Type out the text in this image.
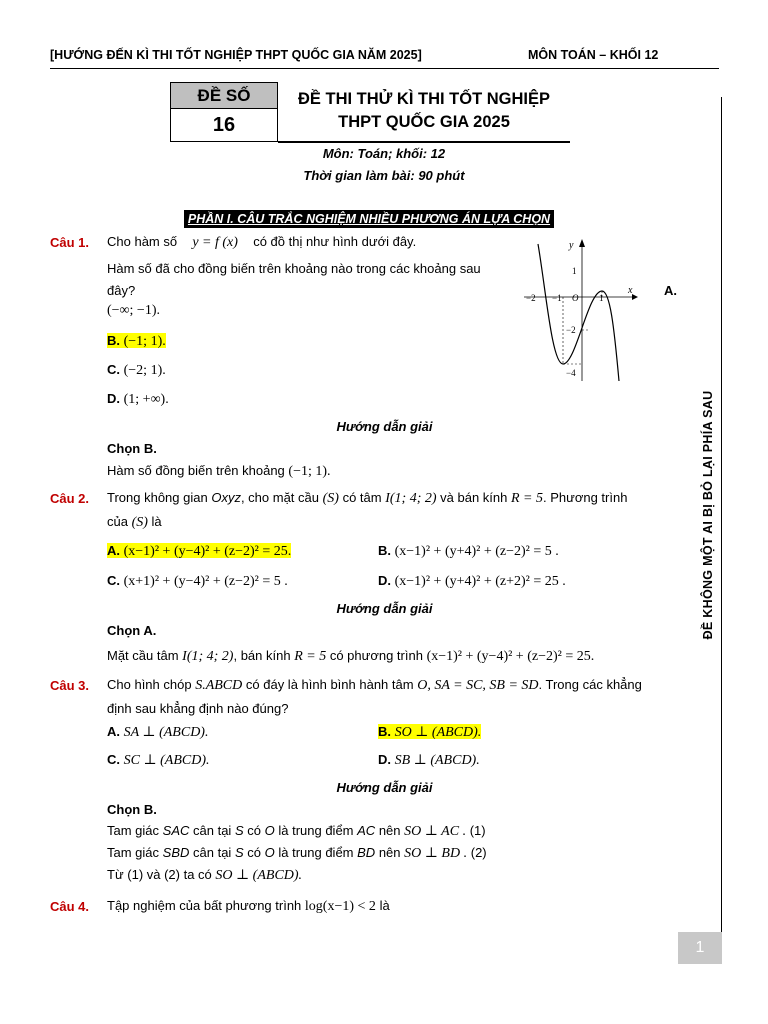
[HƯỚNG ĐẾN KÌ THI TỐT NGHIỆP THPT QUỐC GIA NĂM 2025]	MÔN TOÁN – KHỐI 12
ĐỀ KHÔNG MỘT AI BỊ BỎ LẠI PHÍA SAU
ĐỀ SỐ
16
ĐỀ THI THỬ KÌ THI TỐT NGHIỆP
THPT QUỐC GIA 2025
Môn: Toán; khối: 12
Thời gian làm bài: 90 phút
PHẦN I. CÂU TRẮC NGHIỆM NHIỀU PHƯƠNG ÁN LỰA CHỌN
Câu 1. Cho hàm số y = f (x) có đồ thị như hình dưới đây.
Hàm số đã cho đồng biến trên khoảng nào trong các khoảng sau
đây?	A.
(−∞; −1).
B. (−1; 1).
C. (−2; 1).
D. (1; +∞).
y
x
1
−2 −1 O 1
−2
−4
Hướng dẫn giải
Chọn B.
Hàm số đồng biến trên khoảng (−1; 1).
Câu 2. Trong không gian Oxyz, cho mặt cầu (S) có tâm I(1; 4; 2) và bán kính R = 5. Phương trình
của (S) là
A. (x−1)² + (y−4)² + (z−2)² = 25.	B. (x−1)² + (y+4)² + (z−2)² = 5 .
C. (x+1)² + (y−4)² + (z−2)² = 5 .	D. (x−1)² + (y+4)² + (z+2)² = 25 .
Hướng dẫn giải
Chọn A.
Mặt cầu tâm I(1; 4; 2), bán kính R = 5 có phương trình (x−1)² + (y−4)² + (z−2)² = 25.
Câu 3. Cho hình chóp S.ABCD có đáy là hình bình hành tâm O, SA = SC, SB = SD. Trong các khẳng
định sau khẳng định nào đúng?
A. SA ⊥ (ABCD).	B. SO ⊥ (ABCD).
C. SC ⊥ (ABCD).	D. SB ⊥ (ABCD).
Hướng dẫn giải
Chọn B.
Tam giác SAC cân tại S có O là trung điểm AC nên SO ⊥ AC . (1)
Tam giác SBD cân tại S có O là trung điểm BD nên SO ⊥ BD . (2)
Từ (1) và (2) ta có SO ⊥ (ABCD).
Câu 4. Tập nghiệm của bất phương trình log(x−1) < 2 là
1
